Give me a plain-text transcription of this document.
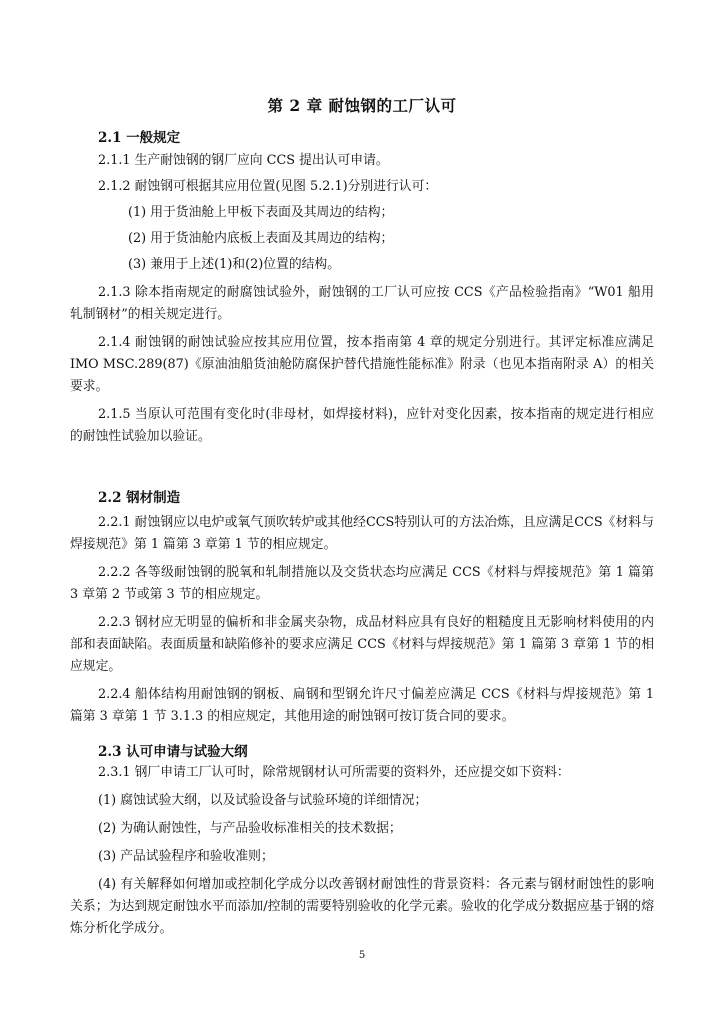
第 2 章 耐蚀钢的工厂认可
2.1 一般规定
2.1.1 生产耐蚀钢的钢厂应向 CCS 提出认可申请。
2.1.2 耐蚀钢可根据其应用位置(见图 5.2.1)分别进行认可：
(1) 用于货油舱上甲板下表面及其周边的结构；
(2) 用于货油舱内底板上表面及其周边的结构；
(3) 兼用于上述(1)和(2)位置的结构。
2.1.3 除本指南规定的耐腐蚀试验外，耐蚀钢的工厂认可应按 CCS《产品检验指南》“W01 船用轧制钢材”的相关规定进行。
2.1.4 耐蚀钢的耐蚀试验应按其应用位置，按本指南第 4 章的规定分别进行。其评定标准应满足 IMO MSC.289(87)《原油油船货油舱防腐保护替代措施性能标准》附录（也见本指南附录 A）的相关要求。
2.1.5 当原认可范围有变化时(非母材，如焊接材料)，应针对变化因素，按本指南的规定进行相应的耐蚀性试验加以验证。
2.2 钢材制造
2.2.1 耐蚀钢应以电炉或氧气顶吹转炉或其他经CCS特别认可的方法冶炼，且应满足CCS《材料与焊接规范》第 1 篇第 3 章第 1 节的相应规定。
2.2.2 各等级耐蚀钢的脱氧和轧制措施以及交货状态均应满足 CCS《材料与焊接规范》第 1 篇第 3 章第 2 节或第 3 节的相应规定。
2.2.3 钢材应无明显的偏析和非金属夹杂物，成品材料应具有良好的粗糙度且无影响材料使用的内部和表面缺陷。表面质量和缺陷修补的要求应满足 CCS《材料与焊接规范》第 1 篇第 3 章第 1 节的相应规定。
2.2.4 船体结构用耐蚀钢的钢板、扁钢和型钢允许尺寸偏差应满足 CCS《材料与焊接规范》第 1 篇第 3 章第 1 节 3.1.3 的相应规定，其他用途的耐蚀钢可按订货合同的要求。
2.3 认可申请与试验大纲
2.3.1 钢厂申请工厂认可时，除常规钢材认可所需要的资料外，还应提交如下资料：
(1) 腐蚀试验大纲，以及试验设备与试验环境的详细情况；
(2) 为确认耐蚀性，与产品验收标准相关的技术数据；
(3) 产品试验程序和验收准则；
(4) 有关解释如何增加或控制化学成分以改善钢材耐蚀性的背景资料：各元素与钢材耐蚀性的影响关系；为达到规定耐蚀水平而添加/控制的需要特别验收的化学元素。验收的化学成分数据应基于钢的熔炼分析化学成分。
5
